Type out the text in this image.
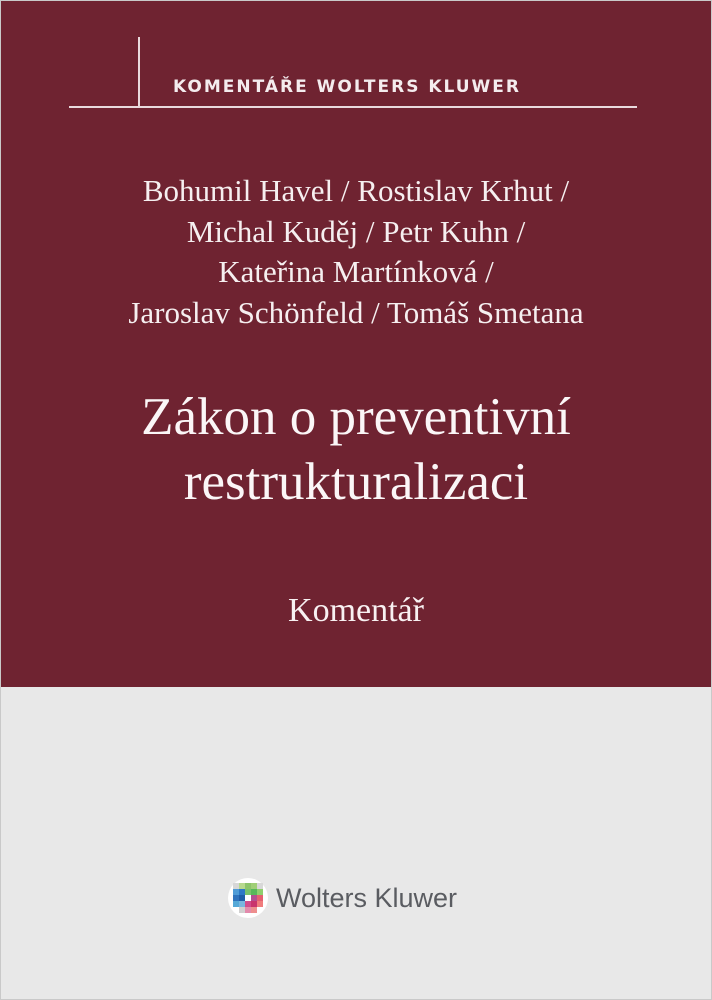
KOMENTÁŘE WOLTERS KLUWER
Bohumil Havel / Rostislav Krhut /
Michal Kuděj / Petr Kuhn /
Kateřina Martínková /
Jaroslav Schönfeld / Tomáš Smetana
Zákon o preventivní
restrukturalizaci
Komentář
Wolters Kluwer
